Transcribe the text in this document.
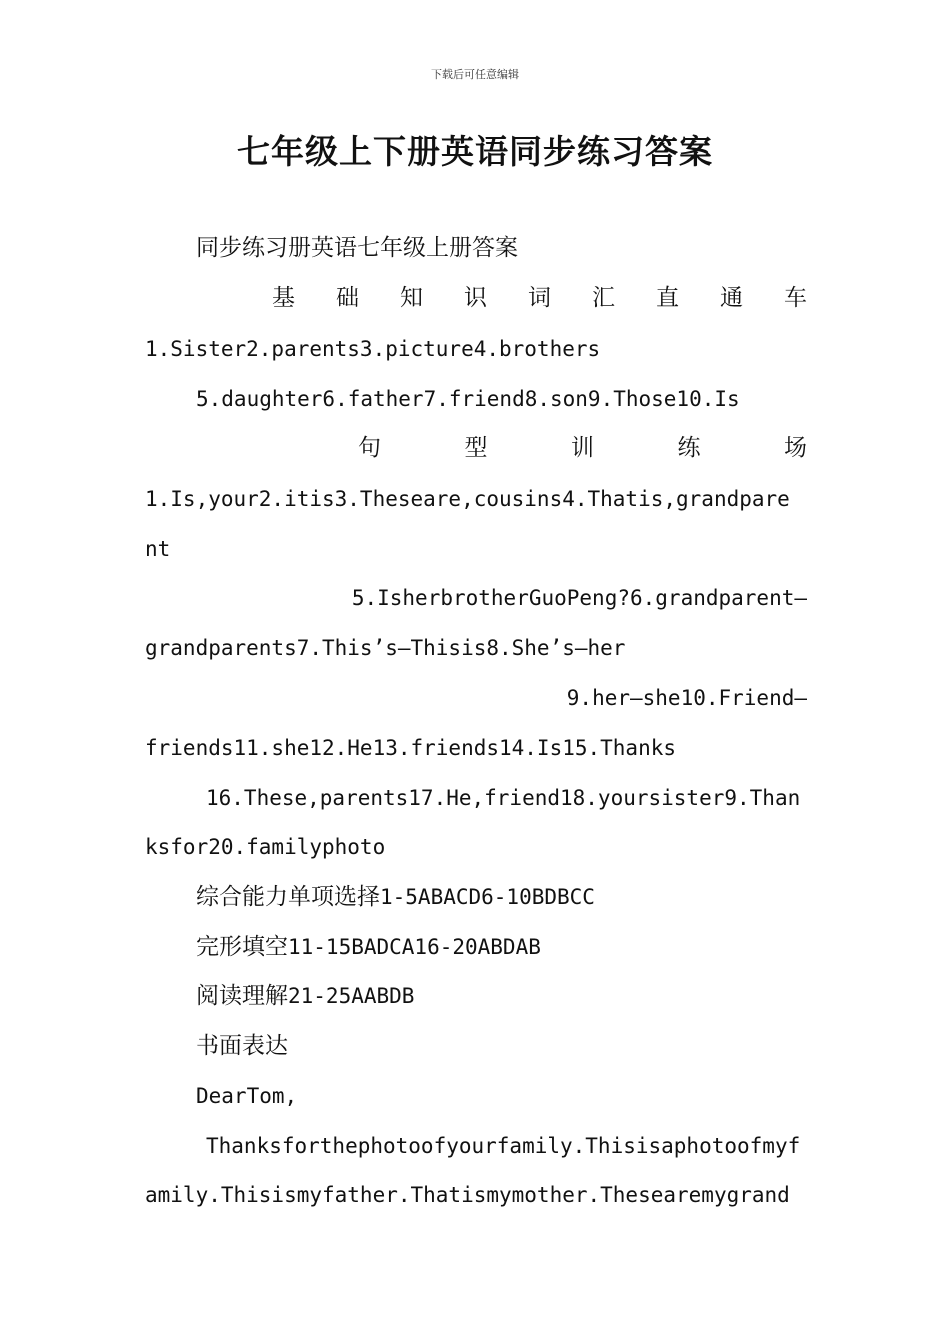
下载后可任意编辑
七年级上下册英语同步练习答案
同步练习册英语七年级上册答案
基 础 知 识 词 汇 直 通 车
1.Sister2.parents3.picture4.brothers
5.daughter6.father7.friend8.son9.Those10.Is
句	型	训	练	场
1.Is,your2.itis3.Theseare,cousins4.Thatis,grandpare
nt
5.IsherbrotherGuoPeng?6.grandparent—
grandparents7.This’s—Thisis8.She’s—her
9.her—she10.Friend—
friends11.she12.He13.friends14.Is15.Thanks
16.These,parents17.He,friend18.yoursister9.Than
ksfor20.familyphoto
综合能力单项选择1-5ABACD6-10BDBCC
完形填空11-15BADCA16-20ABDAB
阅读理解21-25AABDB
书面表达
DearTom,
Thanksforthephotoofyourfamily.Thisisaphotoofmyf
amily.Thisismyfather.Thatismymother.Thesearemygrand
